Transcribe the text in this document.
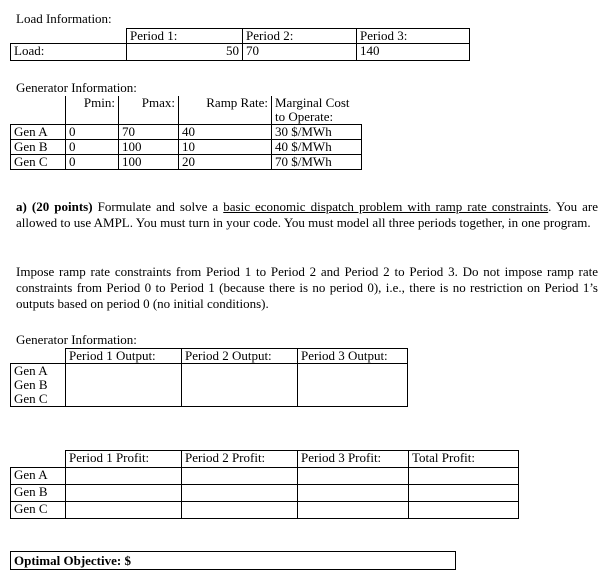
Load Information:
	Period 1:	Period 2:	Period 3:
Load:	50	70	140
Generator Information:
	Pmin:	Pmax:	Ramp Rate:	Marginal Cost
to Operate:

Gen A	0	70	40	30 $/MWh
Gen B	0	100	10	40 $/MWh
Gen C	0	100	20	70 $/MWh
a) (20 points) Formulate and solve a basic economic dispatch problem with ramp rate constraints. You are allowed to use AMPL. You must turn in your code. You must model all three periods together, in one program.
Impose ramp rate constraints from Period 1 to Period 2 and Period 2 to Period 3. Do not impose ramp rate constraints from Period 0 to Period 1 (because there is no period 0), i.e., there is no restriction on Period 1’s outputs based on period 0 (no initial conditions).
Generator Information:
	Period 1 Output:	Period 2 Output:	Period 3 Output:
Gen A			
Gen B			
Gen C			
	Period 1 Profit:	Period 2 Profit:	Period 3 Profit:	Total Profit:
Gen A				
Gen B				
Gen C				
Optimal Objective: $
